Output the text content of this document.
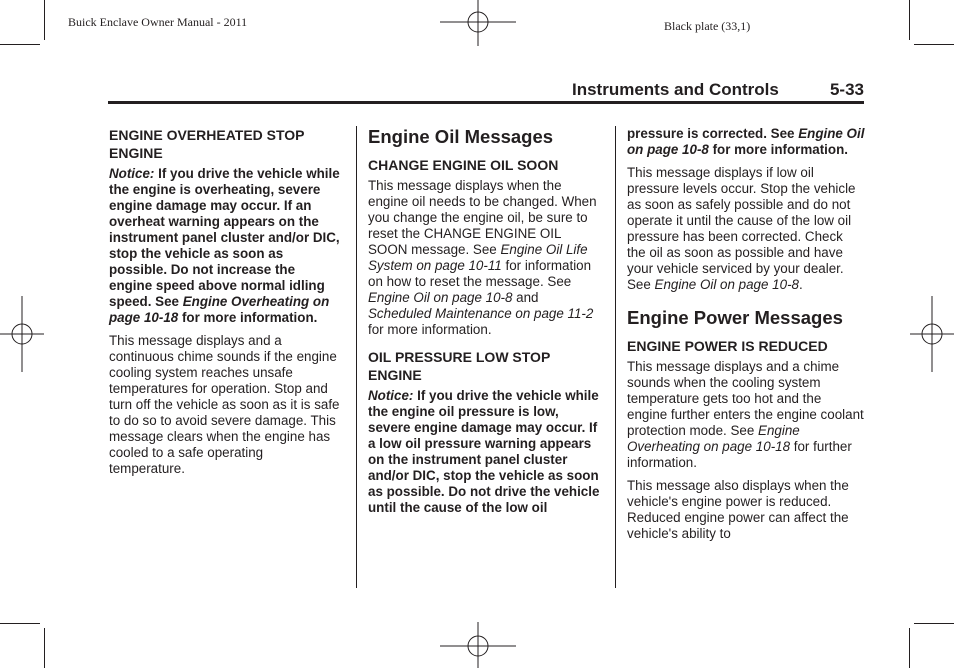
Buick Enclave Owner Manual - 2011	Black plate (33,1)
Instruments and Controls	5-33
ENGINE OVERHEATED STOP ENGINE

Notice: If you drive the vehicle while the engine is overheating, severe engine damage may occur. If an overheat warning appears on the instrument panel cluster and/or DIC, stop the vehicle as soon as possible. Do not increase the engine speed above normal idling speed. See Engine Overheating on page 10-18 for more information.

This message displays and a continuous chime sounds if the engine cooling system reaches unsafe temperatures for operation. Stop and turn off the vehicle as soon as it is safe to do so to avoid severe damage. This message clears when the engine has cooled to a safe operating temperature.

Engine Oil Messages
CHANGE ENGINE OIL SOON

This message displays when the engine oil needs to be changed. When you change the engine oil, be sure to reset the CHANGE ENGINE OIL SOON message. See Engine Oil Life System on page 10-11 for information on how to reset the message. See Engine Oil on page 10-8 and Scheduled Maintenance on page 11-2 for more information.

OIL PRESSURE LOW STOP ENGINE

Notice: If you drive the vehicle while the engine oil pressure is low, severe engine damage may occur. If a low oil pressure warning appears on the instrument panel cluster and/or DIC, stop the vehicle as soon as possible. Do not drive the vehicle until the cause of the low oil

pressure is corrected. See Engine Oil on page 10-8 for more information.

This message displays if low oil pressure levels occur. Stop the vehicle as soon as safely possible and do not operate it until the cause of the low oil pressure has been corrected. Check the oil as soon as possible and have your vehicle serviced by your dealer. See Engine Oil on page 10-8.

Engine Power Messages
ENGINE POWER IS REDUCED

This message displays and a chime sounds when the cooling system temperature gets too hot and the engine further enters the engine coolant protection mode. See Engine Overheating on page 10-18 for further information.

This message also displays when the vehicle's engine power is reduced. Reduced engine power can affect the vehicle's ability to
